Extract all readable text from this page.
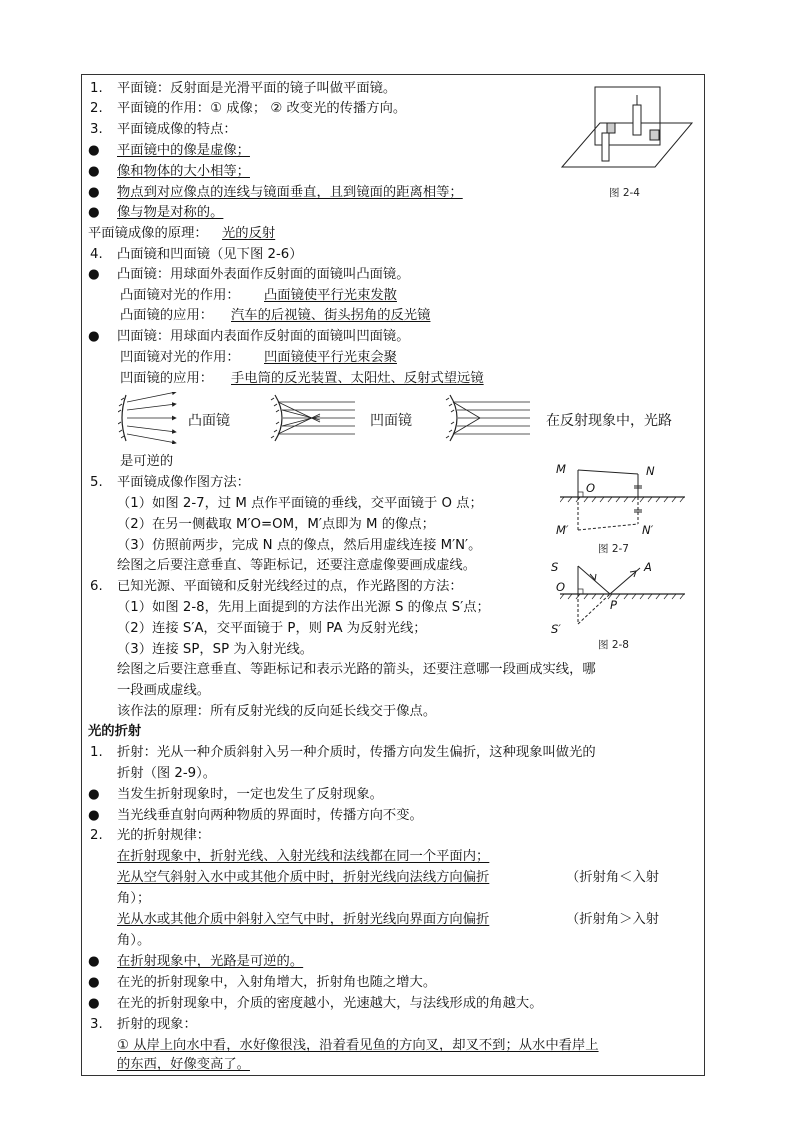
1. 平面镜：反射面是光滑平面的镜子叫做平面镜。
2. 平面镜的作用：① 成像； ② 改变光的传播方向。
3. 平面镜成像的特点：
● 平面镜中的像是虚像；
● 像和物体的大小相等；
● 物点到对应像点的连线与镜面垂直，且到镜面的距离相等；
● 像与物是对称的。
平面镜成像的原理： 光的反射
图 2-4
4. 凸面镜和凹面镜（见下图 2-6）
● 凸面镜：用球面外表面作反射面的面镜叫凸面镜。
凸面镜对光的作用： 凸面镜使平行光束发散
凸面镜的应用： 汽车的后视镜、街头拐角的反光镜
● 凹面镜：用球面内表面作反射面的面镜叫凹面镜。
凹面镜对光的作用： 凹面镜使平行光束会聚
凹面镜的应用： 手电筒的反光装置、太阳灶、反射式望远镜
凸面镜	凹面镜	在反射现象中，光路
是可逆的
5. 平面镜成像作图方法：
（1）如图 2-7，过 M 点作平面镜的垂线，交平面镜于 O 点；
（2）在另一侧截取 M′O=OM，M′点即为 M 的像点；
（3）仿照前两步，完成 N 点的像点，然后用虚线连接 M′N′。
绘图之后要注意垂直、等距标记，还要注意虚像要画成虚线。
M	N
O
M′	N′
图 2-7
6. 已知光源、平面镜和反射光线经过的点，作光路图的方法：
（1）如图 2-8，先用上面提到的方法作出光源 S 的像点 S′点；
（2）连接 S′A，交平面镜于 P，则 PA 为反射光线；
（3）连接 SP，SP 为入射光线。
绘图之后要注意垂直、等距标记和表示光路的箭头，还要注意哪一段画成实线，哪
一段画成虚线。
该作法的原理：所有反射光线的反向延长线交于像点。
S	A
O
P
S′
图 2-8
光的折射
1. 折射：光从一种介质斜射入另一种介质时，传播方向发生偏折，这种现象叫做光的
折射（图 2-9）。
● 当发生折射现象时，一定也发生了反射现象。
● 当光线垂直射向两种物质的界面时，传播方向不变。
2. 光的折射规律：
在折射现象中，折射光线、入射光线和法线都在同一个平面内；
光从空气斜射入水中或其他介质中时，折射光线向法线方向偏折	（折射角＜入射
角）；
光从水或其他介质中斜射入空气中时，折射光线向界面方向偏折	（折射角＞入射
角）。
● 在折射现象中，光路是可逆的。
● 在光的折射现象中，入射角增大，折射角也随之增大。
● 在光的折射现象中，介质的密度越小，光速越大，与法线形成的角越大。
3. 折射的现象：
① 从岸上向水中看，水好像很浅，沿着看见鱼的方向叉，却叉不到；从水中看岸上
的东西，好像变高了。
